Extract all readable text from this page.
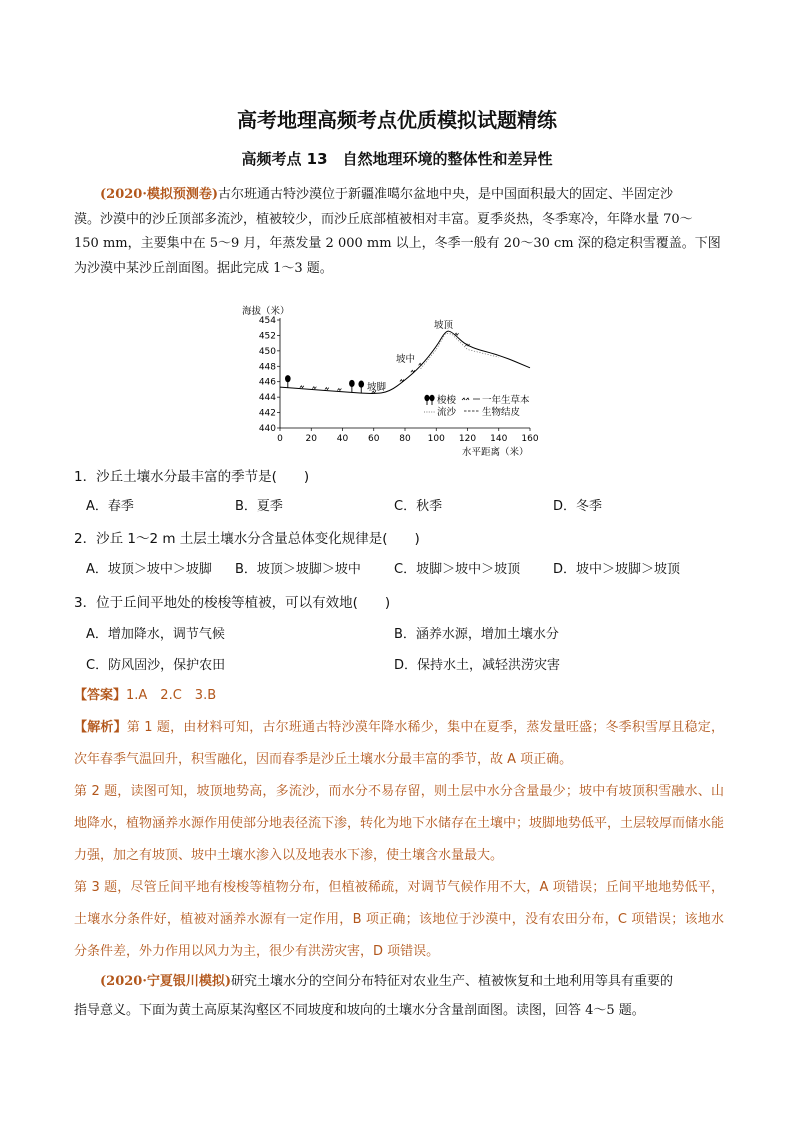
高考地理高频考点优质模拟试题精练
高频考点 13　自然地理环境的整体性和差异性
(2020·模拟预测卷)古尔班通古特沙漠位于新疆准噶尔盆地中央，是中国面积最大的固定、半固定沙
漠。沙漠中的沙丘顶部多流沙，植被较少，而沙丘底部植被相对丰富。夏季炎热，冬季寒冷，年降水量 70～
150 mm，主要集中在 5～9 月，年蒸发量 2 000 mm 以上，冬季一般有 20～30 cm 深的稳定积雪覆盖。下图
为沙漠中某沙丘剖面图。据此完成 1～3 题。
海拔（米）
440
442
444
446
448
450
452
454
0	20 40 60 80 100 120 140 160
坡顶
坡中
坡脚
梭梭	一年生草本
流沙	生物结皮
水平距离（米）
1．沙丘土壤水分最丰富的季节是(　　)
A．春季	B．夏季	C．秋季	D．冬季
2．沙丘 1～2 m 土层土壤水分含量总体变化规律是(　　)
A．坡顶＞坡中＞坡脚 B．坡顶＞坡脚＞坡中	C．坡脚＞坡中＞坡顶	D．坡中＞坡脚＞坡顶
3．位于丘间平地处的梭梭等植被，可以有效地(　　)
A．增加降水，调节气候	B．涵养水源，增加土壤水分
C．防风固沙，保护农田	D．保持水土，减轻洪涝灾害
【答案】1.A　2.C　3.B
【解析】第 1 题，由材料可知，古尔班通古特沙漠年降水稀少，集中在夏季，蒸发量旺盛；冬季积雪厚且稳定，次年春季气温回升，积雪融化，因而春季是沙丘土壤水分最丰富的季节，故 A 项正确。
第 2 题，读图可知，坡顶地势高，多流沙，而水分不易存留，则土层中水分含量最少；坡中有坡顶积雪融水、山地降水，植物涵养水源作用使部分地表径流下渗，转化为地下水储存在土壤中；坡脚地势低平，土层较厚而储水能力强，加之有坡顶、坡中土壤水渗入以及地表水下渗，使土壤含水量最大。
第 3 题，尽管丘间平地有梭梭等植物分布，但植被稀疏，对调节气候作用不大，A 项错误；丘间平地地势低平，土壤水分条件好，植被对涵养水源有一定作用，B 项正确；该地位于沙漠中，没有农田分布，C 项错误；该地水分条件差，外力作用以风力为主，很少有洪涝灾害，D 项错误。
(2020·宁夏银川模拟)研究土壤水分的空间分布特征对农业生产、植被恢复和土地利用等具有重要的
指导意义。下面为黄土高原某沟壑区不同坡度和坡向的土壤水分含量剖面图。读图，回答 4～5 题。
